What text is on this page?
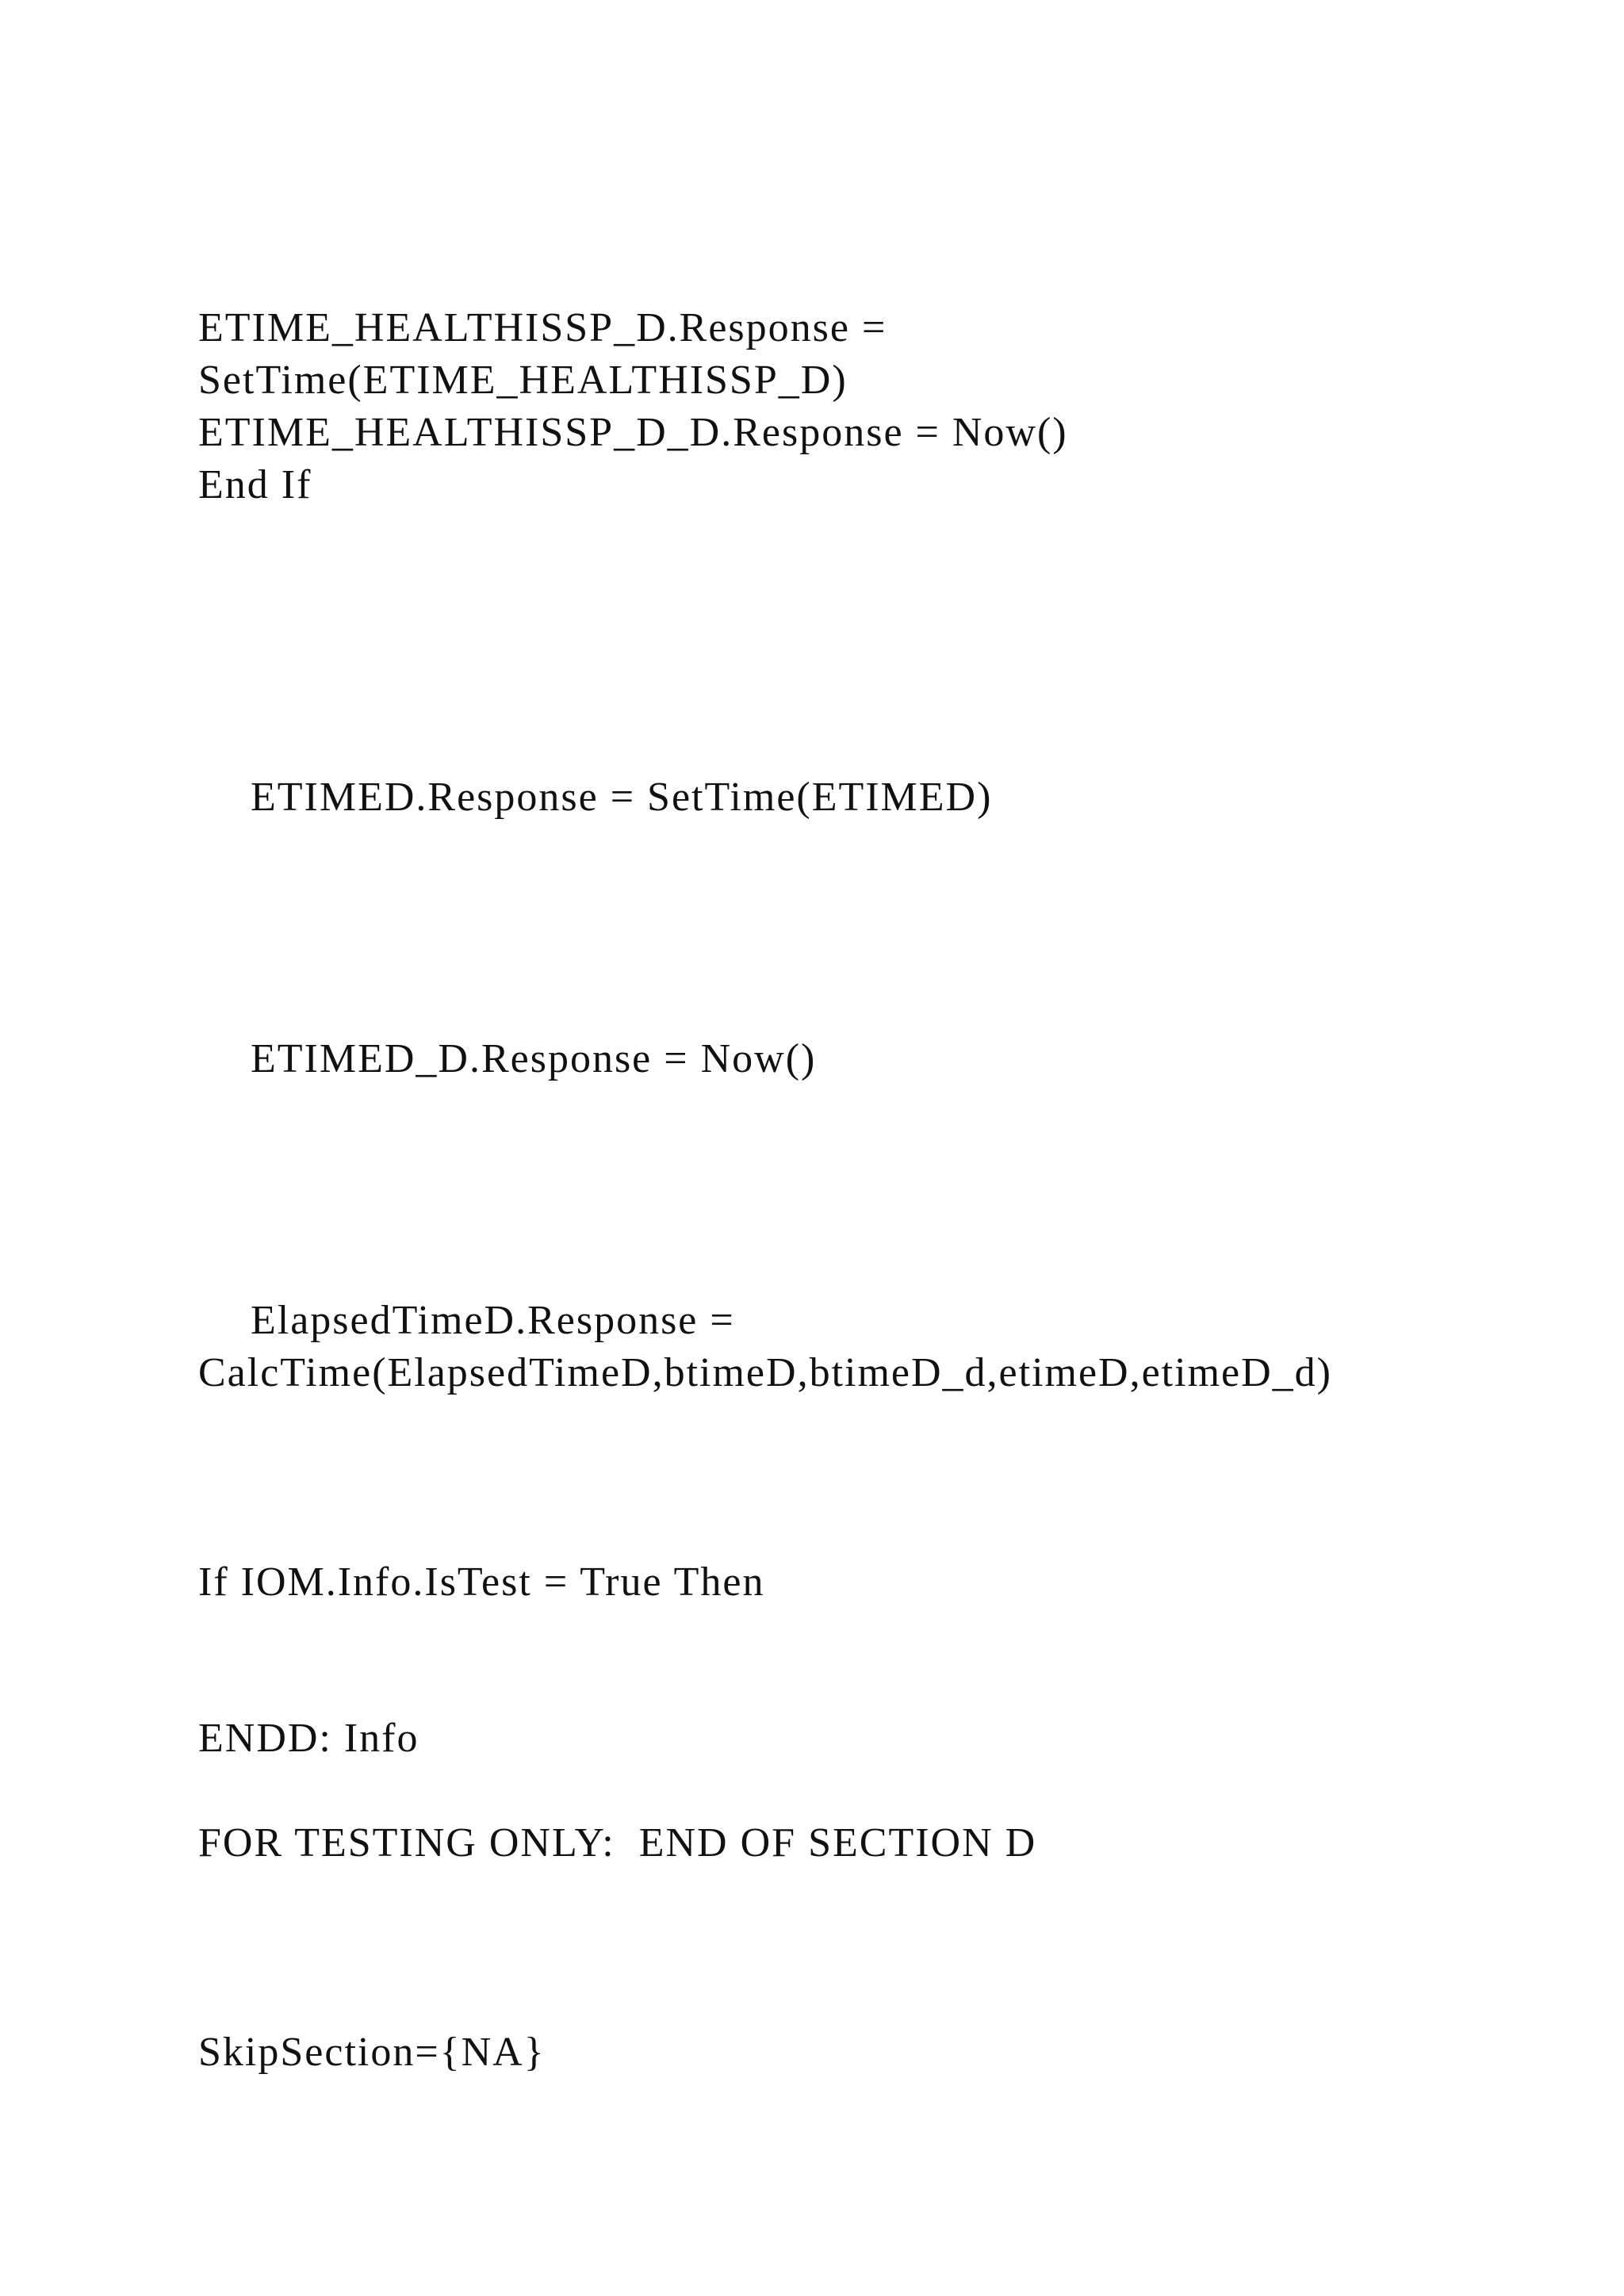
ETIME_HEALTHISSP_D.Response =
SetTime(ETIME_HEALTHISSP_D)
ETIME_HEALTHISSP_D_D.Response = Now()
End If
ETIMED.Response = SetTime(ETIMED)
ETIMED_D.Response = Now()
ElapsedTimeD.Response =
CalcTime(ElapsedTimeD,btimeD,btimeD_d,etimeD,etimeD_d)
If IOM.Info.IsTest = True Then
ENDD: Info
FOR TESTING ONLY:  END OF SECTION D
SkipSection={NA}
